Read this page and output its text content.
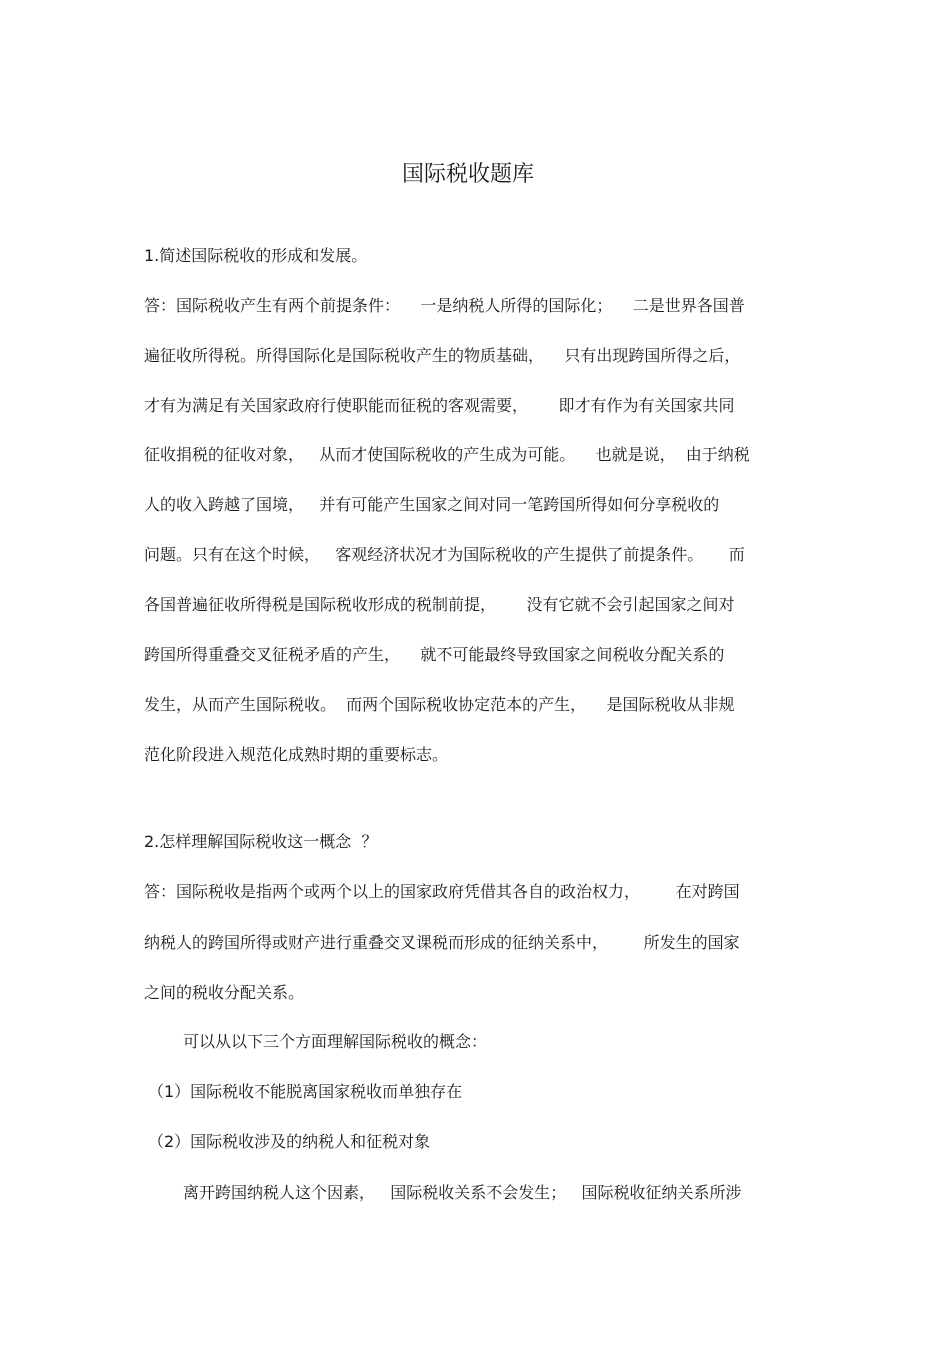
国际税收题库
1.简述国际税收的形成和发展。
答：国际税收产生有两个前提条件：    一是纳税人所得的国际化；    二是世界各国普
遍征收所得税。所得国际化是国际税收产生的物质基础，    只有出现跨国所得之后，
才有为满足有关国家政府行使职能而征税的客观需要，      即才有作为有关国家共同
征收捐税的征收对象，   从而才使国际税收的产生成为可能。    也就是说，  由于纳税
人的收入跨越了国境，   并有可能产生国家之间对同一笔跨国所得如何分享税收的
问题。只有在这个时候，   客观经济状况才为国际税收的产生提供了前提条件。     而
各国普遍征收所得税是国际税收形成的税制前提，      没有它就不会引起国家之间对
跨国所得重叠交叉征税矛盾的产生，    就不可能最终导致国家之间税收分配关系的
发生，从而产生国际税收。  而两个国际税收协定范本的产生，    是国际税收从非规
范化阶段进入规范化成熟时期的重要标志。
2.怎样理解国际税收这一概念  ？
答：国际税收是指两个或两个以上的国家政府凭借其各自的政治权力，       在对跨国
纳税人的跨国所得或财产进行重叠交叉课税而形成的征纳关系中，       所发生的国家
之间的税收分配关系。
可以从以下三个方面理解国际税收的概念：
（1）国际税收不能脱离国家税收而单独存在
（2）国际税收涉及的纳税人和征税对象
离开跨国纳税人这个因素，   国际税收关系不会发生；   国际税收征纳关系所涉
